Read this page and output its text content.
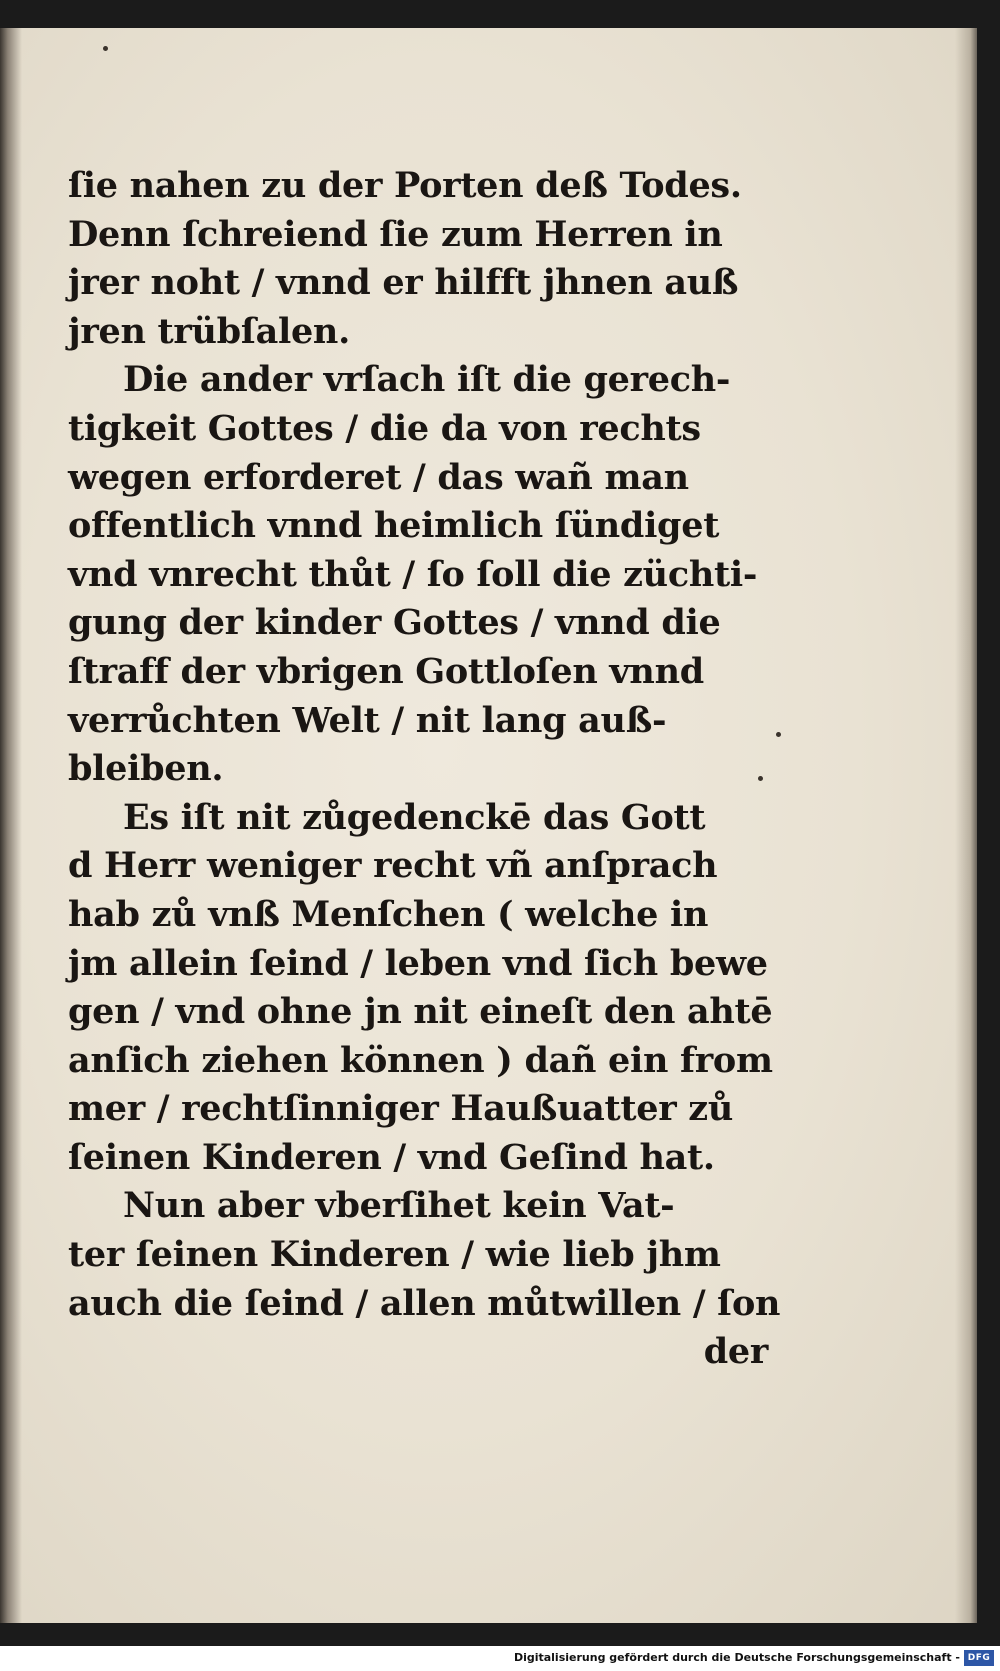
ſie nahen zu der Porten deß Todes.
Denn ſchreiend ſie zum Herren in
jrer noht / vnnd er hilfft jhnen auß
jren trübſalen.
Die ander vrſach iſt die gerech-
tigkeit Gottes / die da von rechts
wegen erforderet / das wañ man
offentlich vnnd heimlich ſündiget
vnd vnrecht thůt / ſo ſoll die züchti-
gung der kinder Gottes / vnnd die
ſtraff der vbrigen Gottloſen vnnd
verrůchten Welt / nit lang auß-
bleiben.
Es iſt nit zůgedenckē das Gott
d Herr weniger recht vñ anſprach
hab zů vnß Menſchen ( welche in
jm allein ſeind / leben vnd ſich bewe
gen / vnd ohne jn nit eineſt den ahtē
anſich ziehen können ) dañ ein from
mer / rechtſinniger Haußuatter zů
ſeinen Kinderen / vnd Geſind hat.
Nun aber vberſihet kein Vat-
ter ſeinen Kinderen / wie lieb jhm
auch die ſeind / allen můtwillen / ſon
der
Digitalisierung gefördert durch die Deutsche Forschungsgemeinschaft - DFG
